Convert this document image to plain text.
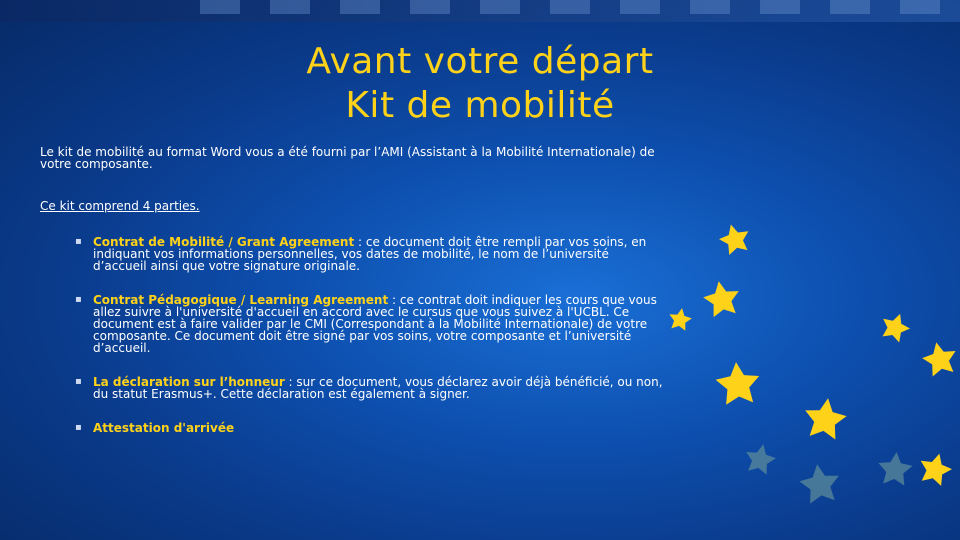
Avant votre départ
Kit de mobilité
Le kit de mobilité au format Word vous a été fourni par l’AMI (Assistant à la Mobilité Internationale) de votre composante.
Ce kit comprend 4 parties.
▪ Contrat de Mobilité / Grant Agreement : ce document doit être rempli par vos soins, en indiquant vos informations personnelles, vos dates de mobilité, le nom de l’université d’accueil ainsi que votre signature originale.
▪ Contrat Pédagogique / Learning Agreement : ce contrat doit indiquer les cours que vous allez suivre à l'université d'accueil en accord avec le cursus que vous suivez à l'UCBL. Ce document est à faire valider par le CMI (Correspondant à la Mobilité Internationale) de votre composante. Ce document doit être signé par vos soins, votre composante et l’université d’accueil.
▪ La déclaration sur l’honneur : sur ce document, vous déclarez avoir déjà bénéficié, ou non, du statut Erasmus+. Cette déclaration est également à signer.
▪ Attestation d'arrivée
